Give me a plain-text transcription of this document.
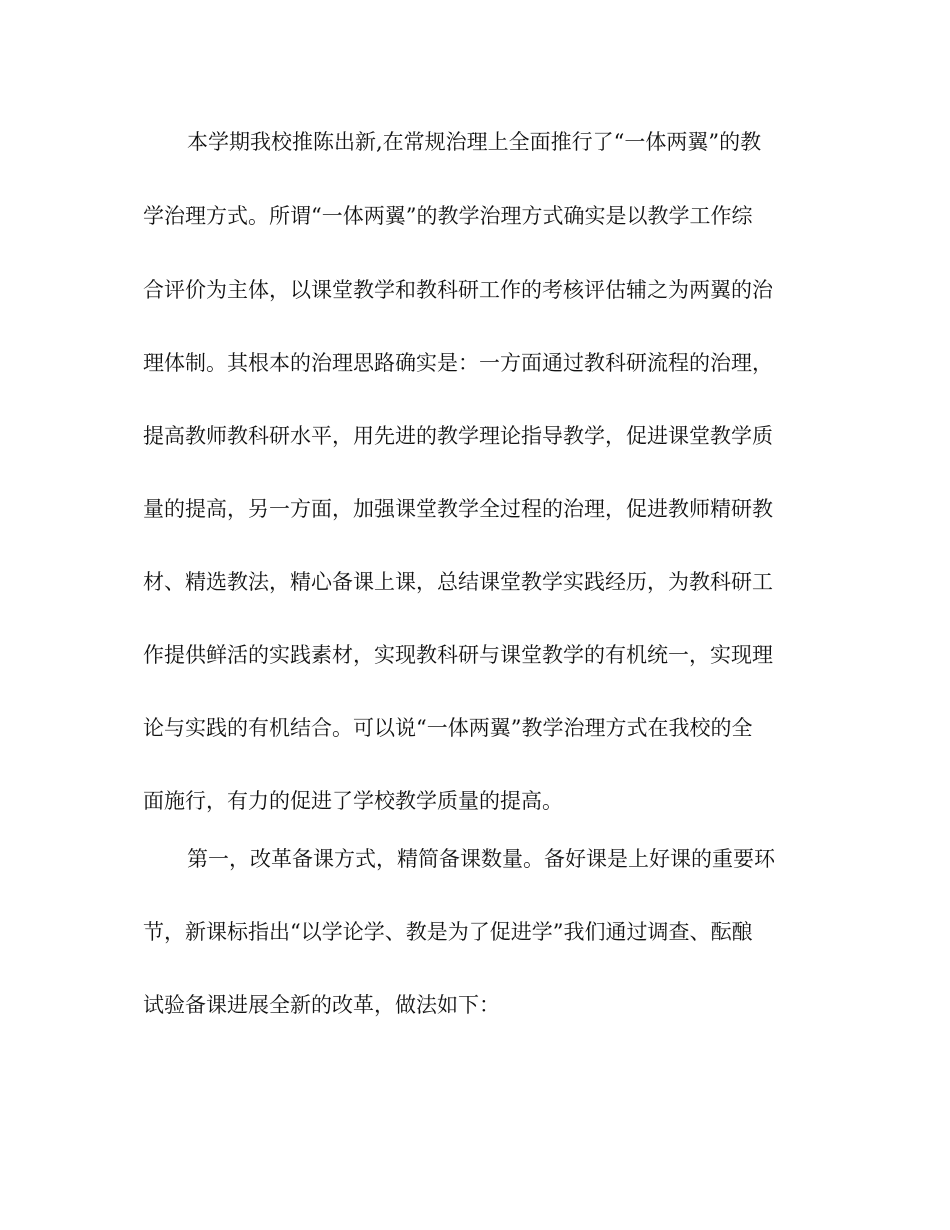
本学期我校推陈出新,在常规治理上全面推行了“一体两翼”的教
学治理方式。所谓“一体两翼”的教学治理方式确实是以教学工作综
合评价为主体，以课堂教学和教科研工作的考核评估辅之为两翼的治
理体制。其根本的治理思路确实是：一方面通过教科研流程的治理，
提高教师教科研水平，用先进的教学理论指导教学，促进课堂教学质
量的提高，另一方面，加强课堂教学全过程的治理，促进教师精研教
材、精选教法，精心备课上课，总结课堂教学实践经历，为教科研工
作提供鲜活的实践素材，实现教科研与课堂教学的有机统一，实现理
论与实践的有机结合。可以说“一体两翼”教学治理方式在我校的全
面施行，有力的促进了学校教学质量的提高。
第一，改革备课方式，精简备课数量。备好课是上好课的重要环
节，新课标指出“以学论学、教是为了促进学”我们通过调查、酝酿
试验备课进展全新的改革，做法如下：
